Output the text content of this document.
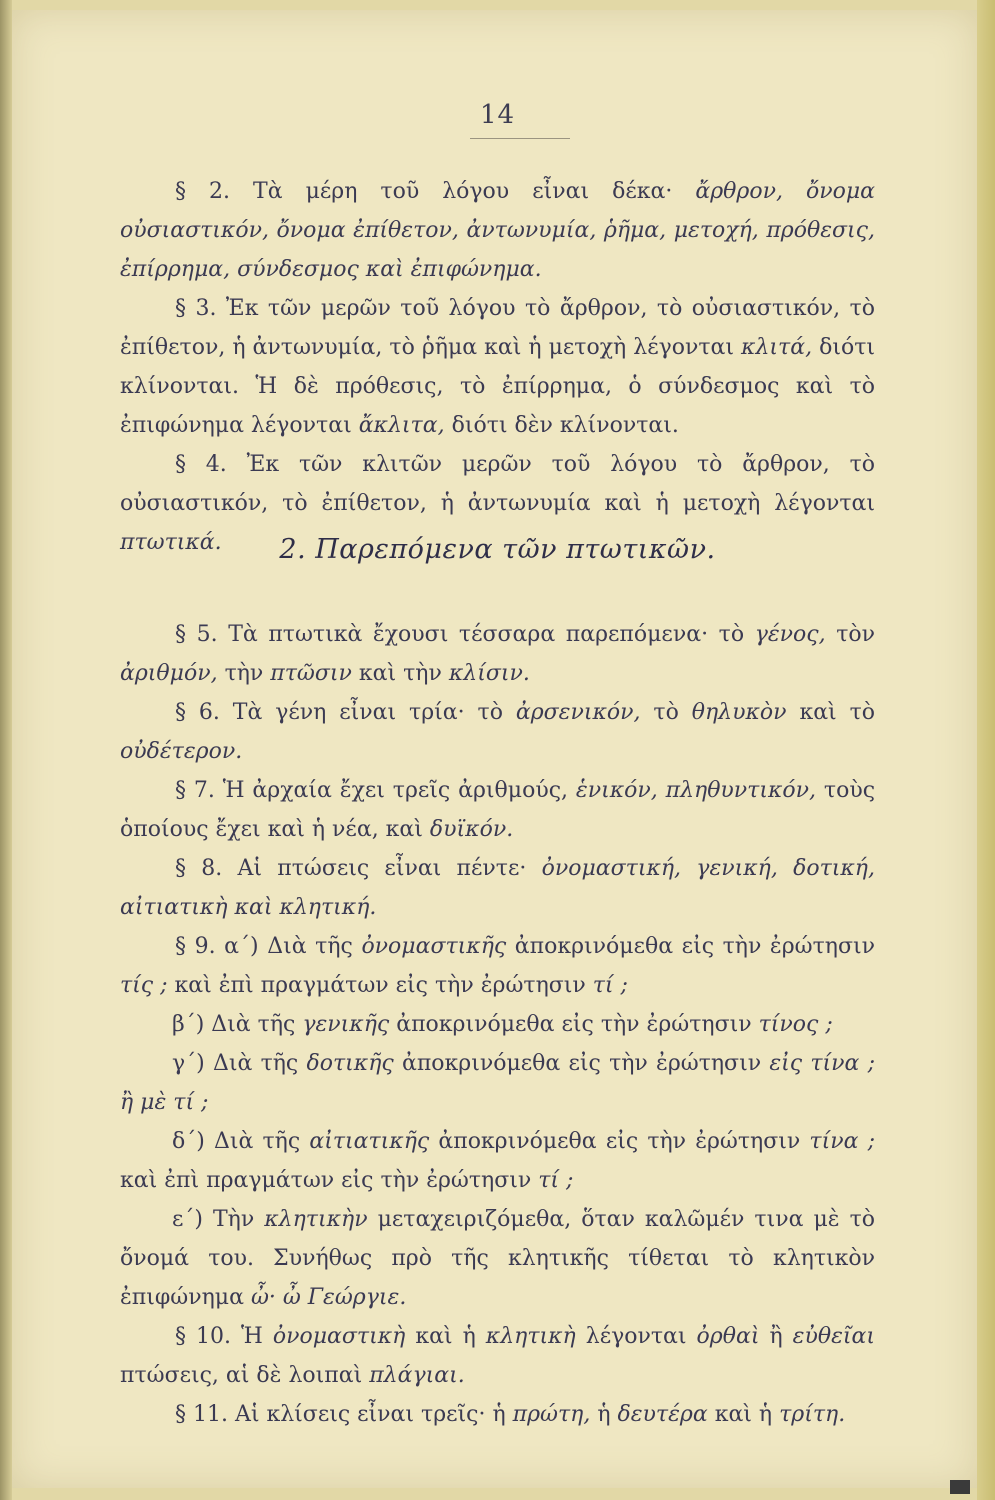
14

§ 2. Τὰ μέρη τοῦ λόγου εἶναι δέκα· ἄρθρον, ὄνομα οὐσιαστικόν, ὄνομα ἐπίθετον, ἀντωνυμία, ῥῆμα, μετοχή, πρόθεσις, ἐπίρρημα, σύνδεσμος καὶ ἐπιφώνημα.

§ 3. Ἐκ τῶν μερῶν τοῦ λόγου τὸ ἄρθρον, τὸ οὐσιαστικόν, τὸ ἐπίθετον, ἡ ἀντωνυμία, τὸ ῥῆμα καὶ ἡ μετοχὴ λέγονται κλιτά, διότι κλίνονται. Ἡ δὲ πρόθεσις, τὸ ἐπίρρημα, ὁ σύνδεσμος καὶ τὸ ἐπιφώνημα λέγονται ἄκλιτα, διότι δὲν κλίνονται.

§ 4. Ἐκ τῶν κλιτῶν μερῶν τοῦ λόγου τὸ ἄρθρον, τὸ οὐσιαστικόν, τὸ ἐπίθετον, ἡ ἀντωνυμία καὶ ἡ μετοχὴ λέγονται πτωτικά.	2. Παρεπόμενα τῶν πτωτικῶν.

§ 5. Τὰ πτωτικὰ ἔχουσι τέσσαρα παρεπόμενα· τὸ γένος, τὸν ἀριθμόν, τὴν πτῶσιν καὶ τὴν κλίσιν.

§ 6. Τὰ γένη εἶναι τρία· τὸ ἀρσενικόν, τὸ θηλυκὸν καὶ τὸ οὐδέτερον.

§ 7. Ἡ ἀρχαία ἔχει τρεῖς ἀριθμούς, ἑνικόν, πληθυντικόν, τοὺς ὁποίους ἔχει καὶ ἡ νέα, καὶ δυϊκόν.

§ 8. Αἱ πτώσεις εἶναι πέντε· ὀνομαστική, γενική, δοτική, αἰτιατικὴ καὶ κλητική.

§ 9. α΄) Διὰ τῆς ὀνομαστικῆς ἀποκρινόμεθα εἰς τὴν ἐρώτησιν τίς ; καὶ ἐπὶ πραγμάτων εἰς τὴν ἐρώτησιν τί ;

β΄) Διὰ τῆς γενικῆς ἀποκρινόμεθα εἰς τὴν ἐρώτησιν τίνος ;

γ΄) Διὰ τῆς δοτικῆς ἀποκρινόμεθα εἰς τὴν ἐρώτησιν εἰς τίνα ; ἢ μὲ τί ;

δ΄) Διὰ τῆς αἰτιατικῆς ἀποκρινόμεθα εἰς τὴν ἐρώτησιν τίνα ; καὶ ἐπὶ πραγμάτων εἰς τὴν ἐρώτησιν τί ;

ε΄) Τὴν κλητικὴν μεταχειριζόμεθα, ὅταν καλῶμέν τινα μὲ τὸ ὄνομά του. Συνήθως πρὸ τῆς κλητικῆς τίθεται τὸ κλητικὸν ἐπιφώνημα ὦ· ὦ Γεώργιε.

§ 10. Ἡ ὀνομαστικὴ καὶ ἡ κλητικὴ λέγονται ὀρθαὶ ἢ εὐθεῖαι πτώσεις, αἱ δὲ λοιπαὶ πλάγιαι.

§ 11. Αἱ κλίσεις εἶναι τρεῖς· ἡ πρώτη, ἡ δευτέρα καὶ ἡ τρίτη.
